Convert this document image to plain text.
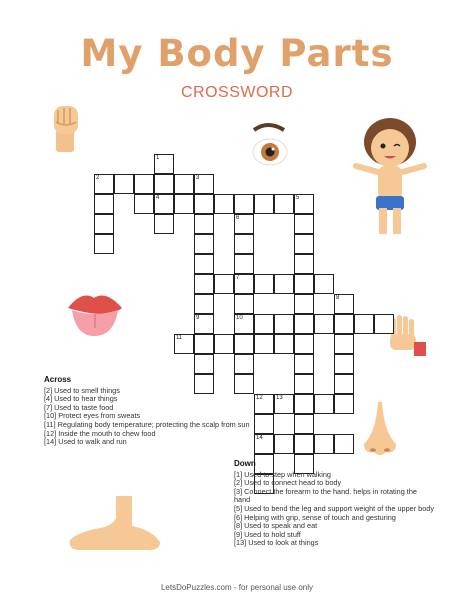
My Body Parts
CROSSWORD
1
4
2	3
5
6
7
8
9	10
11
12 13
14
Across
[2] Used to smell things
[4] Used to hear things
[7] Used to taste food
[10] Protect eyes from sweats
[11] Regulating body temperature; protecting the scalp from sun
[12] Inside the mouth to chew food
[14] Used to walk and run
Down
[1] Used to step when walking
[2] Used to connect head to body
[3] Connect the forearm to the hand. helps in rotating the hand
[5] Used to bend the leg and support weight of the upper body
[6] Helping with grip, sense of touch and gesturing
[8] Used to speak and eat
[9] Used to hold stuff
[13] Used to look at things
LetsDoPuzzles.com - for personal use only
